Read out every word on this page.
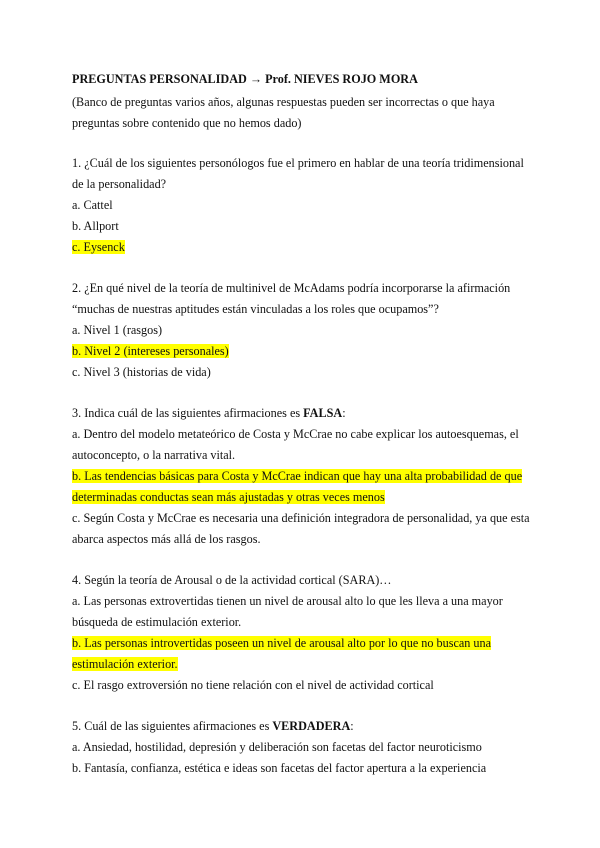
PREGUNTAS PERSONALIDAD → Prof. NIEVES ROJO MORA
(Banco de preguntas varios años, algunas respuestas pueden ser incorrectas o que haya
preguntas sobre contenido que no hemos dado)
1. ¿Cuál de los siguientes personólogos fue el primero en hablar de una teoría tridimensional
de la personalidad?
a. Cattel
b. Allport
c. Eysenck
2. ¿En qué nivel de la teoría de multinivel de McAdams podría incorporarse la afirmación
“muchas de nuestras aptitudes están vinculadas a los roles que ocupamos”?
a. Nivel 1 (rasgos)
b. Nivel 2 (intereses personales)
c. Nivel 3 (historias de vida)
3. Indica cuál de las siguientes afirmaciones es FALSA:
a. Dentro del modelo metateórico de Costa y McCrae no cabe explicar los autoesquemas, el
autoconcepto, o la narrativa vital.
b. Las tendencias básicas para Costa y McCrae indican que hay una alta probabilidad de que
determinadas conductas sean más ajustadas y otras veces menos
c. Según Costa y McCrae es necesaria una definición integradora de personalidad, ya que esta
abarca aspectos más allá de los rasgos.
4. Según la teoría de Arousal o de la actividad cortical (SARA)…
a. Las personas extrovertidas tienen un nivel de arousal alto lo que les lleva a una mayor
búsqueda de estimulación exterior.
b. Las personas introvertidas poseen un nivel de arousal alto por lo que no buscan una
estimulación exterior.
c. El rasgo extroversión no tiene relación con el nivel de actividad cortical
5. Cuál de las siguientes afirmaciones es VERDADERA:
a. Ansiedad, hostilidad, depresión y deliberación son facetas del factor neuroticismo
b. Fantasía, confianza, estética e ideas son facetas del factor apertura a la experiencia
